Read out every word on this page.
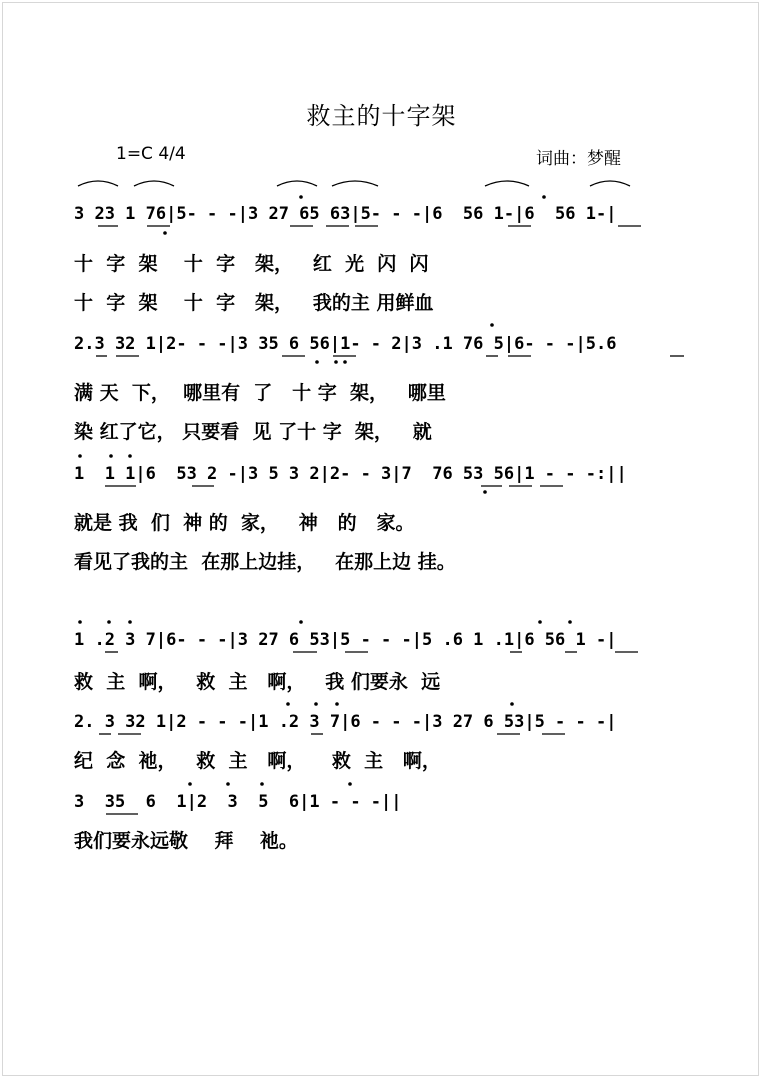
救主的十字架
1=C 4/4	词曲：梦醒
3 23 1 76|5- - -|3 27 65 63|5- - -|6  56 1-|6  56 1-|
十  字  架    十  字   架，   红  光  闪  闪
十  字  架    十  字   架，   我的主 用鲜血
2.3 32 1|2- - -|3 35 6 56|1- - 2|3 .1 76 5|6- - -|5.6
满 天  下，  哪里有  了   十 字  架，   哪里
染 红了它， 只要看  见 了十 字  架，   就
1  1 1|6  53 2 -|3 5 3 2|2- - 3|7  76 53 56|1 - - -:||
就是 我  们  神 的  家，   神   的   家。
看见了我的主  在那上边挂，   在那上边 挂。
1 .2 3 7|6- - -|3 27 6 53|5 - - -|5 .6 1 .1|6 56 1 -|
救  主  啊，   救  主   啊，   我 们要永  远
2. 3 32 1|2 - - -|1 .2 3 7|6 - - -|3 27 6 53|5 - - -|
纪  念  祂，   救  主   啊，    救  主   啊，
3  35  6  1|2  3  5  6|1 - - -||
我们要永远敬    拜    祂。
